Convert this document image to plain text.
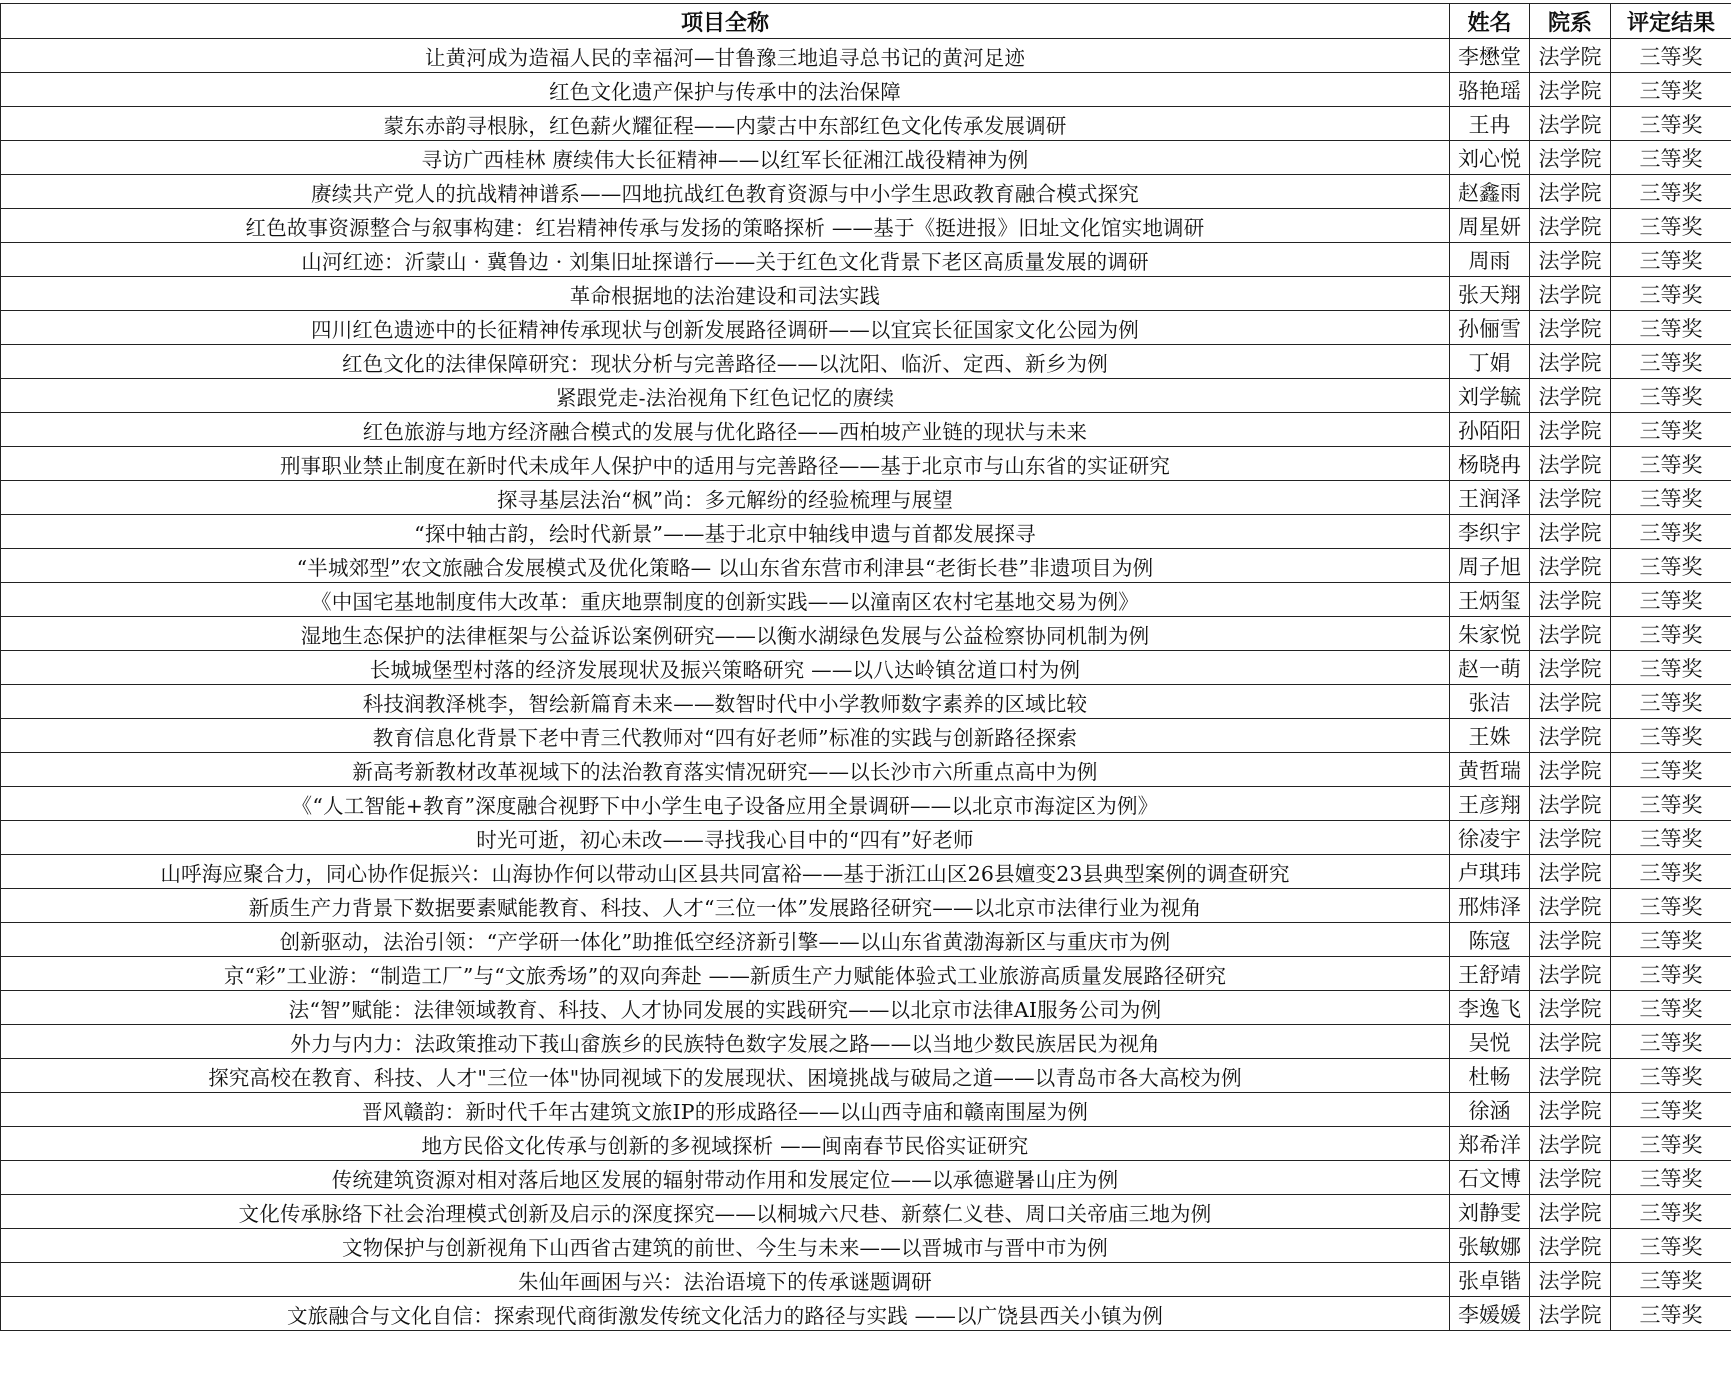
项目全称	姓名	院系	评定结果
让黄河成为造福人民的幸福河—甘鲁豫三地追寻总书记的黄河足迹	李懋堂	法学院	三等奖
红色文化遗产保护与传承中的法治保障	骆艳瑶	法学院	三等奖
蒙东赤韵寻根脉，红色薪火耀征程——内蒙古中东部红色文化传承发展调研	王冉	法学院	三等奖
寻访广西桂林 赓续伟大长征精神——以红军长征湘江战役精神为例	刘心悦	法学院	三等奖
赓续共产党人的抗战精神谱系——四地抗战红色教育资源与中小学生思政教育融合模式探究	赵鑫雨	法学院	三等奖
红色故事资源整合与叙事构建：红岩精神传承与发扬的策略探析 ——基于《挺进报》旧址文化馆实地调研	周星妍	法学院	三等奖
山河红迹：沂蒙山 · 冀鲁边 · 刘集旧址探谱行——关于红色文化背景下老区高质量发展的调研	周雨	法学院	三等奖
革命根据地的法治建设和司法实践	张天翔	法学院	三等奖
四川红色遗迹中的长征精神传承现状与创新发展路径调研——以宜宾长征国家文化公园为例	孙俪雪	法学院	三等奖
红色文化的法律保障研究：现状分析与完善路径——以沈阳、临沂、定西、新乡为例	丁娟	法学院	三等奖
紧跟党走-法治视角下红色记忆的赓续	刘学毓	法学院	三等奖
红色旅游与地方经济融合模式的发展与优化路径——西柏坡产业链的现状与未来	孙陌阳	法学院	三等奖
刑事职业禁止制度在新时代未成年人保护中的适用与完善路径——基于北京市与山东省的实证研究	杨晓冉	法学院	三等奖
探寻基层法治“枫”尚：多元解纷的经验梳理与展望	王润泽	法学院	三等奖
“探中轴古韵，绘时代新景”——基于北京中轴线申遗与首都发展探寻	李织宇	法学院	三等奖
“半城郊型”农文旅融合发展模式及优化策略— 以山东省东营市利津县“老街长巷”非遗项目为例	周子旭	法学院	三等奖
《中国宅基地制度伟大改革：重庆地票制度的创新实践——以潼南区农村宅基地交易为例》	王炳玺	法学院	三等奖
湿地生态保护的法律框架与公益诉讼案例研究——以衡水湖绿色发展与公益检察协同机制为例	朱家悦	法学院	三等奖
长城城堡型村落的经济发展现状及振兴策略研究 ——以八达岭镇岔道口村为例	赵一萌	法学院	三等奖
科技润教泽桃李，智绘新篇育未来——数智时代中小学教师数字素养的区域比较	张洁	法学院	三等奖
教育信息化背景下老中青三代教师对“四有好老师”标准的实践与创新路径探索	王姝	法学院	三等奖
新高考新教材改革视域下的法治教育落实情况研究——以长沙市六所重点高中为例	黄哲瑞	法学院	三等奖
《“人工智能+教育”深度融合视野下中小学生电子设备应用全景调研——以北京市海淀区为例》	王彦翔	法学院	三等奖
时光可逝，初心未改——寻找我心目中的“四有”好老师	徐凌宇	法学院	三等奖
山呼海应聚合力，同心协作促振兴：山海协作何以带动山区县共同富裕——基于浙江山区26县嬗变23县典型案例的调查研究	卢琪玮	法学院	三等奖
新质生产力背景下数据要素赋能教育、科技、人才“三位一体”发展路径研究——以北京市法律行业为视角	邢炜泽	法学院	三等奖
创新驱动，法治引领：“产学研一体化”助推低空经济新引擎——以山东省黄渤海新区与重庆市为例	陈寇	法学院	三等奖
京“彩”工业游：“制造工厂”与“文旅秀场”的双向奔赴 ——新质生产力赋能体验式工业旅游高质量发展路径研究	王舒靖	法学院	三等奖
法“智”赋能：法律领域教育、科技、人才协同发展的实践研究——以北京市法律AI服务公司为例	李逸飞	法学院	三等奖
外力与内力：法政策推动下莪山畲族乡的民族特色数字发展之路——以当地少数民族居民为视角	吴悦	法学院	三等奖
探究高校在教育、科技、人才"三位一体"协同视域下的发展现状、困境挑战与破局之道——以青岛市各大高校为例	杜畅	法学院	三等奖
晋风赣韵：新时代千年古建筑文旅IP的形成路径——以山西寺庙和赣南围屋为例	徐涵	法学院	三等奖
地方民俗文化传承与创新的多视域探析 ——闽南春节民俗实证研究	郑希洋	法学院	三等奖
传统建筑资源对相对落后地区发展的辐射带动作用和发展定位——以承德避暑山庄为例	石文博	法学院	三等奖
文化传承脉络下社会治理模式创新及启示的深度探究——以桐城六尺巷、新蔡仁义巷、周口关帝庙三地为例	刘静雯	法学院	三等奖
文物保护与创新视角下山西省古建筑的前世、今生与未来——以晋城市与晋中市为例	张敏娜	法学院	三等奖
朱仙年画困与兴：法治语境下的传承谜题调研	张卓锴	法学院	三等奖
文旅融合与文化自信：探索现代商街激发传统文化活力的路径与实践 ——以广饶县西关小镇为例	李媛媛	法学院	三等奖
